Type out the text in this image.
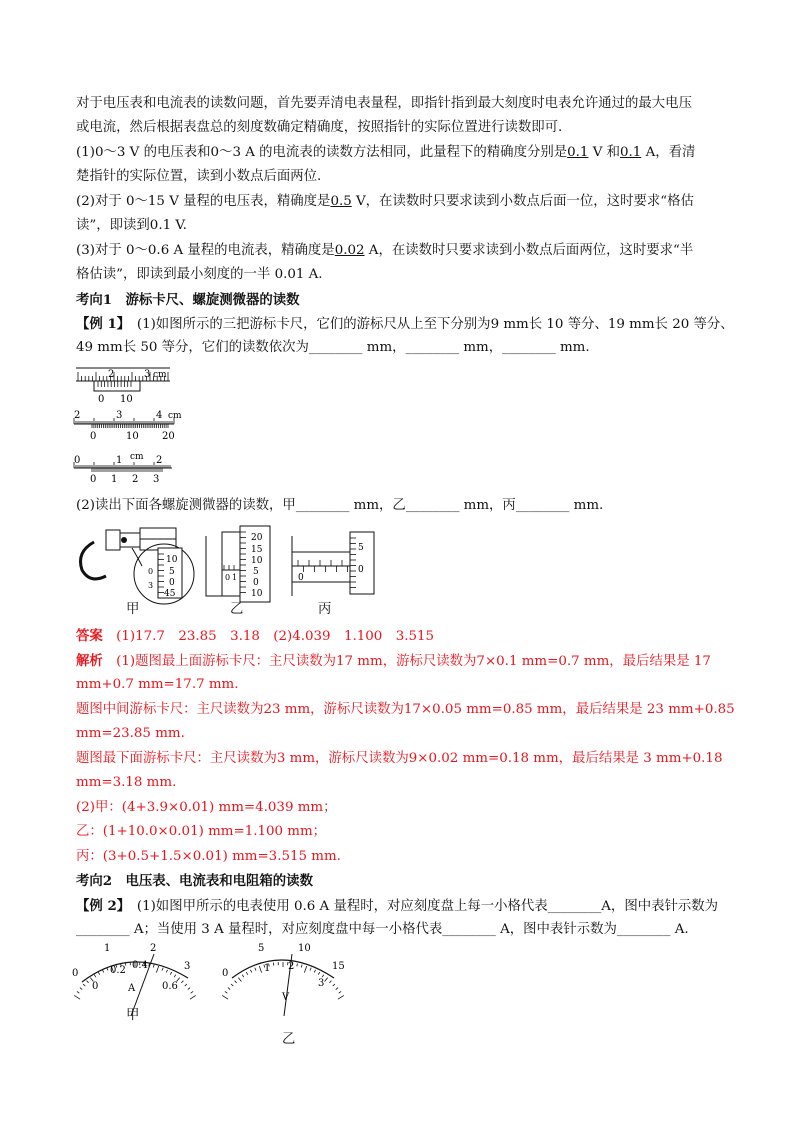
对于电压表和电流表的读数问题，首先要弄清电表量程，即指针指到最大刻度时电表允许通过的最大电压
或电流，然后根据表盘总的刻度数确定精确度，按照指针的实际位置进行读数即可.
(1)0～3 V 的电压表和0～3 A 的电流表的读数方法相同，此量程下的精确度分别是0.1 V 和0.1 A，看清
楚指针的实际位置，读到小数点后面两位.
(2)对于 0～15 V 量程的电压表，精确度是0.5 V，在读数时只要求读到小数点后面一位，这时要求“格估
读”，即读到0.1 V.
(3)对于 0～0.6 A 量程的电流表，精确度是0.02 A，在读数时只要求读到小数点后面两位，这时要求“半
格估读”，即读到最小刻度的一半 0.01 A.
考向1　游标卡尺、螺旋测微器的读数
【例 1】　(1)如图所示的三把游标卡尺，它们的游标尺从上至下分别为9 mm长 10 等分、19 mm长 20 等分、
49 mm长 50 等分，它们的读数依次为________ mm，________ mm，________ mm.
2	3 cm
0 10
2	3	4 cm
0	10 20
0	1 cm 2
0 1 2 3
(2)读出下面各螺旋测微器的读数，甲________ mm，乙________ mm，丙________ mm.
10
5
0
45
0
3
20
15
10
5
0
10
0 1
5
0
0
甲	乙	丙
答案　(1)17.7　23.85　3.18　(2)4.039　1.100　3.515
解析　(1)题图最上面游标卡尺：主尺读数为17 mm，游标尺读数为7×0.1 mm=0.7 mm，最后结果是 17
mm+0.7 mm=17.7 mm.
题图中间游标卡尺：主尺读数为23 mm，游标尺读数为17×0.05 mm=0.85 mm，最后结果是 23 mm+0.85
mm=23.85 mm.
题图最下面游标卡尺：主尺读数为3 mm，游标尺读数为9×0.02 mm=0.18 mm，最后结果是 3 mm+0.18
mm=3.18 mm.
(2)甲：(4+3.9×0.01) mm=4.039 mm；
乙：(1+10.0×0.01) mm=1.100 mm；
丙：(3+0.5+1.5×0.01) mm=3.515 mm.
考向2　电压表、电流表和电阻箱的读数
【例 2】　(1)如图甲所示的电表使用 0.6 A 量程时，对应刻度盘上每一小格代表________A，图中表针示数为
________ A；当使用 3 A 量程时，对应刻度盘中每一小格代表________ A，图中表针示数为________ A.
0
1	2
3
0
0.2 0.4
0.6
A
0
5	10
15
1 2
3
V
甲
乙
